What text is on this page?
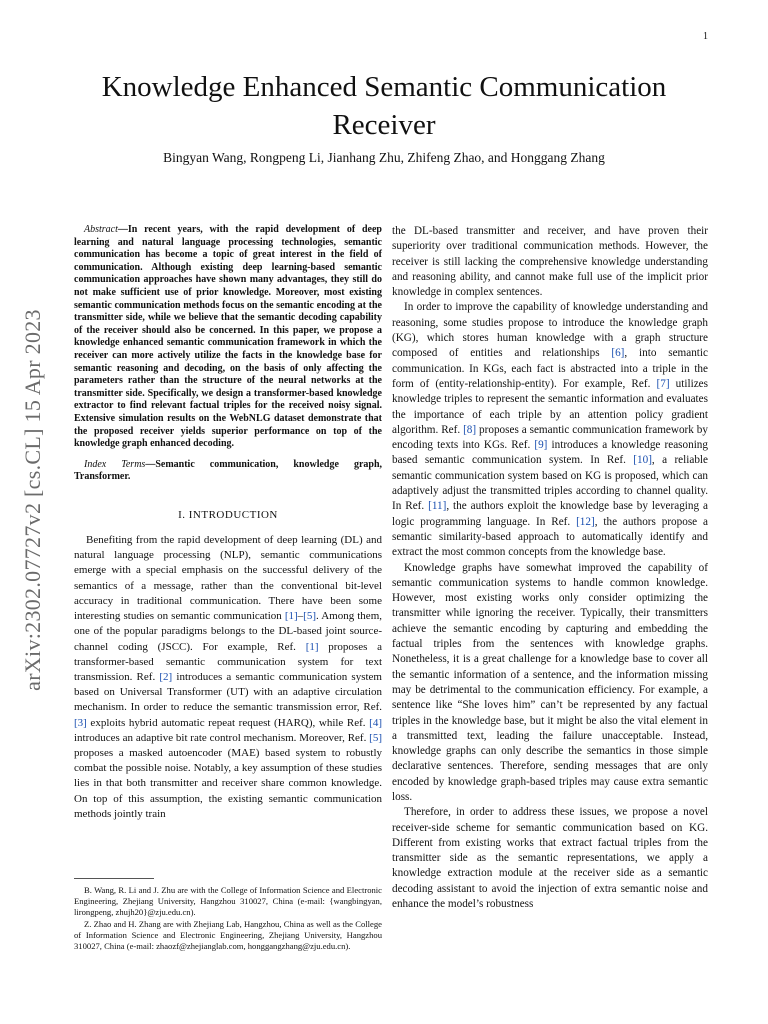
1
arXiv:2302.07727v2 [cs.CL] 15 Apr 2023
Knowledge Enhanced Semantic Communication Receiver
Bingyan Wang, Rongpeng Li, Jianhang Zhu, Zhifeng Zhao, and Honggang Zhang

Abstract—In recent years, with the rapid development of deep learning and natural language processing technologies, semantic communication has become a topic of great interest in the field of communication. Although existing deep learning-based semantic communication approaches have shown many advantages, they still do not make sufficient use of prior knowledge. Moreover, most existing semantic communication methods focus on the semantic encoding at the transmitter side, while we believe that the semantic decoding capability of the receiver should also be concerned. In this paper, we propose a knowledge enhanced semantic communication framework in which the receiver can more actively utilize the facts in the knowledge base for semantic reasoning and decoding, on the basis of only affecting the parameters rather than the structure of the neural networks at the transmitter side. Specifically, we design a transformer-based knowledge extractor to find relevant factual triples for the received noisy signal. Extensive simulation results on the WebNLG dataset demonstrate that the proposed receiver yields superior performance on top of the knowledge graph enhanced decoding.

Index Terms—Semantic communication, knowledge graph, Transformer.

I. INTRODUCTION

Benefiting from the rapid development of deep learning (DL) and natural language processing (NLP), semantic communications emerge with a special emphasis on the successful delivery of the semantics of a message, rather than the conventional bit-level accuracy in traditional communication. There have been some interesting studies on semantic communication [1]–[5]. Among them, one of the popular paradigms belongs to the DL-based joint source-channel coding (JSCC). For example, Ref. [1] proposes a transformer-based semantic communication system for text transmission. Ref. [2] introduces a semantic communication system based on Universal Transformer (UT) with an adaptive circulation mechanism. In order to reduce the semantic transmission error, Ref. [3] exploits hybrid automatic repeat request (HARQ), while Ref. [4] introduces an adaptive bit rate control mechanism. Moreover, Ref. [5] proposes a masked autoencoder (MAE) based system to robustly combat the possible noise. Notably, a key assumption of these studies lies in that both transmitter and receiver share common knowledge. On top of this assumption, the existing semantic communication methods jointly train

B. Wang, R. Li and J. Zhu are with the College of Information Science and Electronic Engineering, Zhejiang University, Hangzhou 310027, China (e-mail: {wangbingyan, lirongpeng, zhujh20}@zju.edu.cn).

Z. Zhao and H. Zhang are with Zhejiang Lab, Hangzhou, China as well as the College of Information Science and Electronic Engineering, Zhejiang University, Hangzhou 310027, China (e-mail: zhaozf@zhejianglab.com, honggangzhang@zju.edu.cn).

the DL-based transmitter and receiver, and have proven their superiority over traditional communication methods. However, the receiver is still lacking the comprehensive knowledge understanding and reasoning ability, and cannot make full use of the implicit prior knowledge in complex sentences.

In order to improve the capability of knowledge understanding and reasoning, some studies propose to introduce the knowledge graph (KG), which stores human knowledge with a graph structure composed of entities and relationships [6], into semantic communication. In KGs, each fact is abstracted into a triple in the form of (entity-relationship-entity). For example, Ref. [7] utilizes knowledge triples to represent the semantic information and evaluates the importance of each triple by an attention policy gradient algorithm. Ref. [8] proposes a semantic communication framework by encoding texts into KGs. Ref. [9] introduces a knowledge reasoning based semantic communication system. In Ref. [10], a reliable semantic communication system based on KG is proposed, which can adaptively adjust the transmitted triples according to channel quality. In Ref. [11], the authors exploit the knowledge base by leveraging a logic programming language. In Ref. [12], the authors propose a semantic similarity-based approach to automatically identify and extract the most common concepts from the knowledge base.

Knowledge graphs have somewhat improved the capability of semantic communication systems to handle common knowledge. However, most existing works only consider optimizing the transmitter while ignoring the receiver. Typically, their transmitters achieve the semantic encoding by capturing and embedding the factual triples from the sentences with knowledge graphs. Nonetheless, it is a great challenge for a knowledge base to cover all the semantic information of a sentence, and the information missing may be detrimental to the communication efficiency. For example, a sentence like “She loves him” can’t be represented by any factual triples in the knowledge base, but it might be also the vital element in a transmitted text, leading the failure unacceptable. Instead, knowledge graphs can only describe the semantics in those simple declarative sentences. Therefore, sending messages that are only encoded by knowledge graph-based triples may cause extra semantic loss.

Therefore, in order to address these issues, we propose a novel receiver-side scheme for semantic communication based on KG. Different from existing works that extract factual triples from the transmitter side as the semantic representations, we apply a knowledge extraction module at the receiver side as a semantic decoding assistant to avoid the injection of extra semantic noise and enhance the model’s robustness
